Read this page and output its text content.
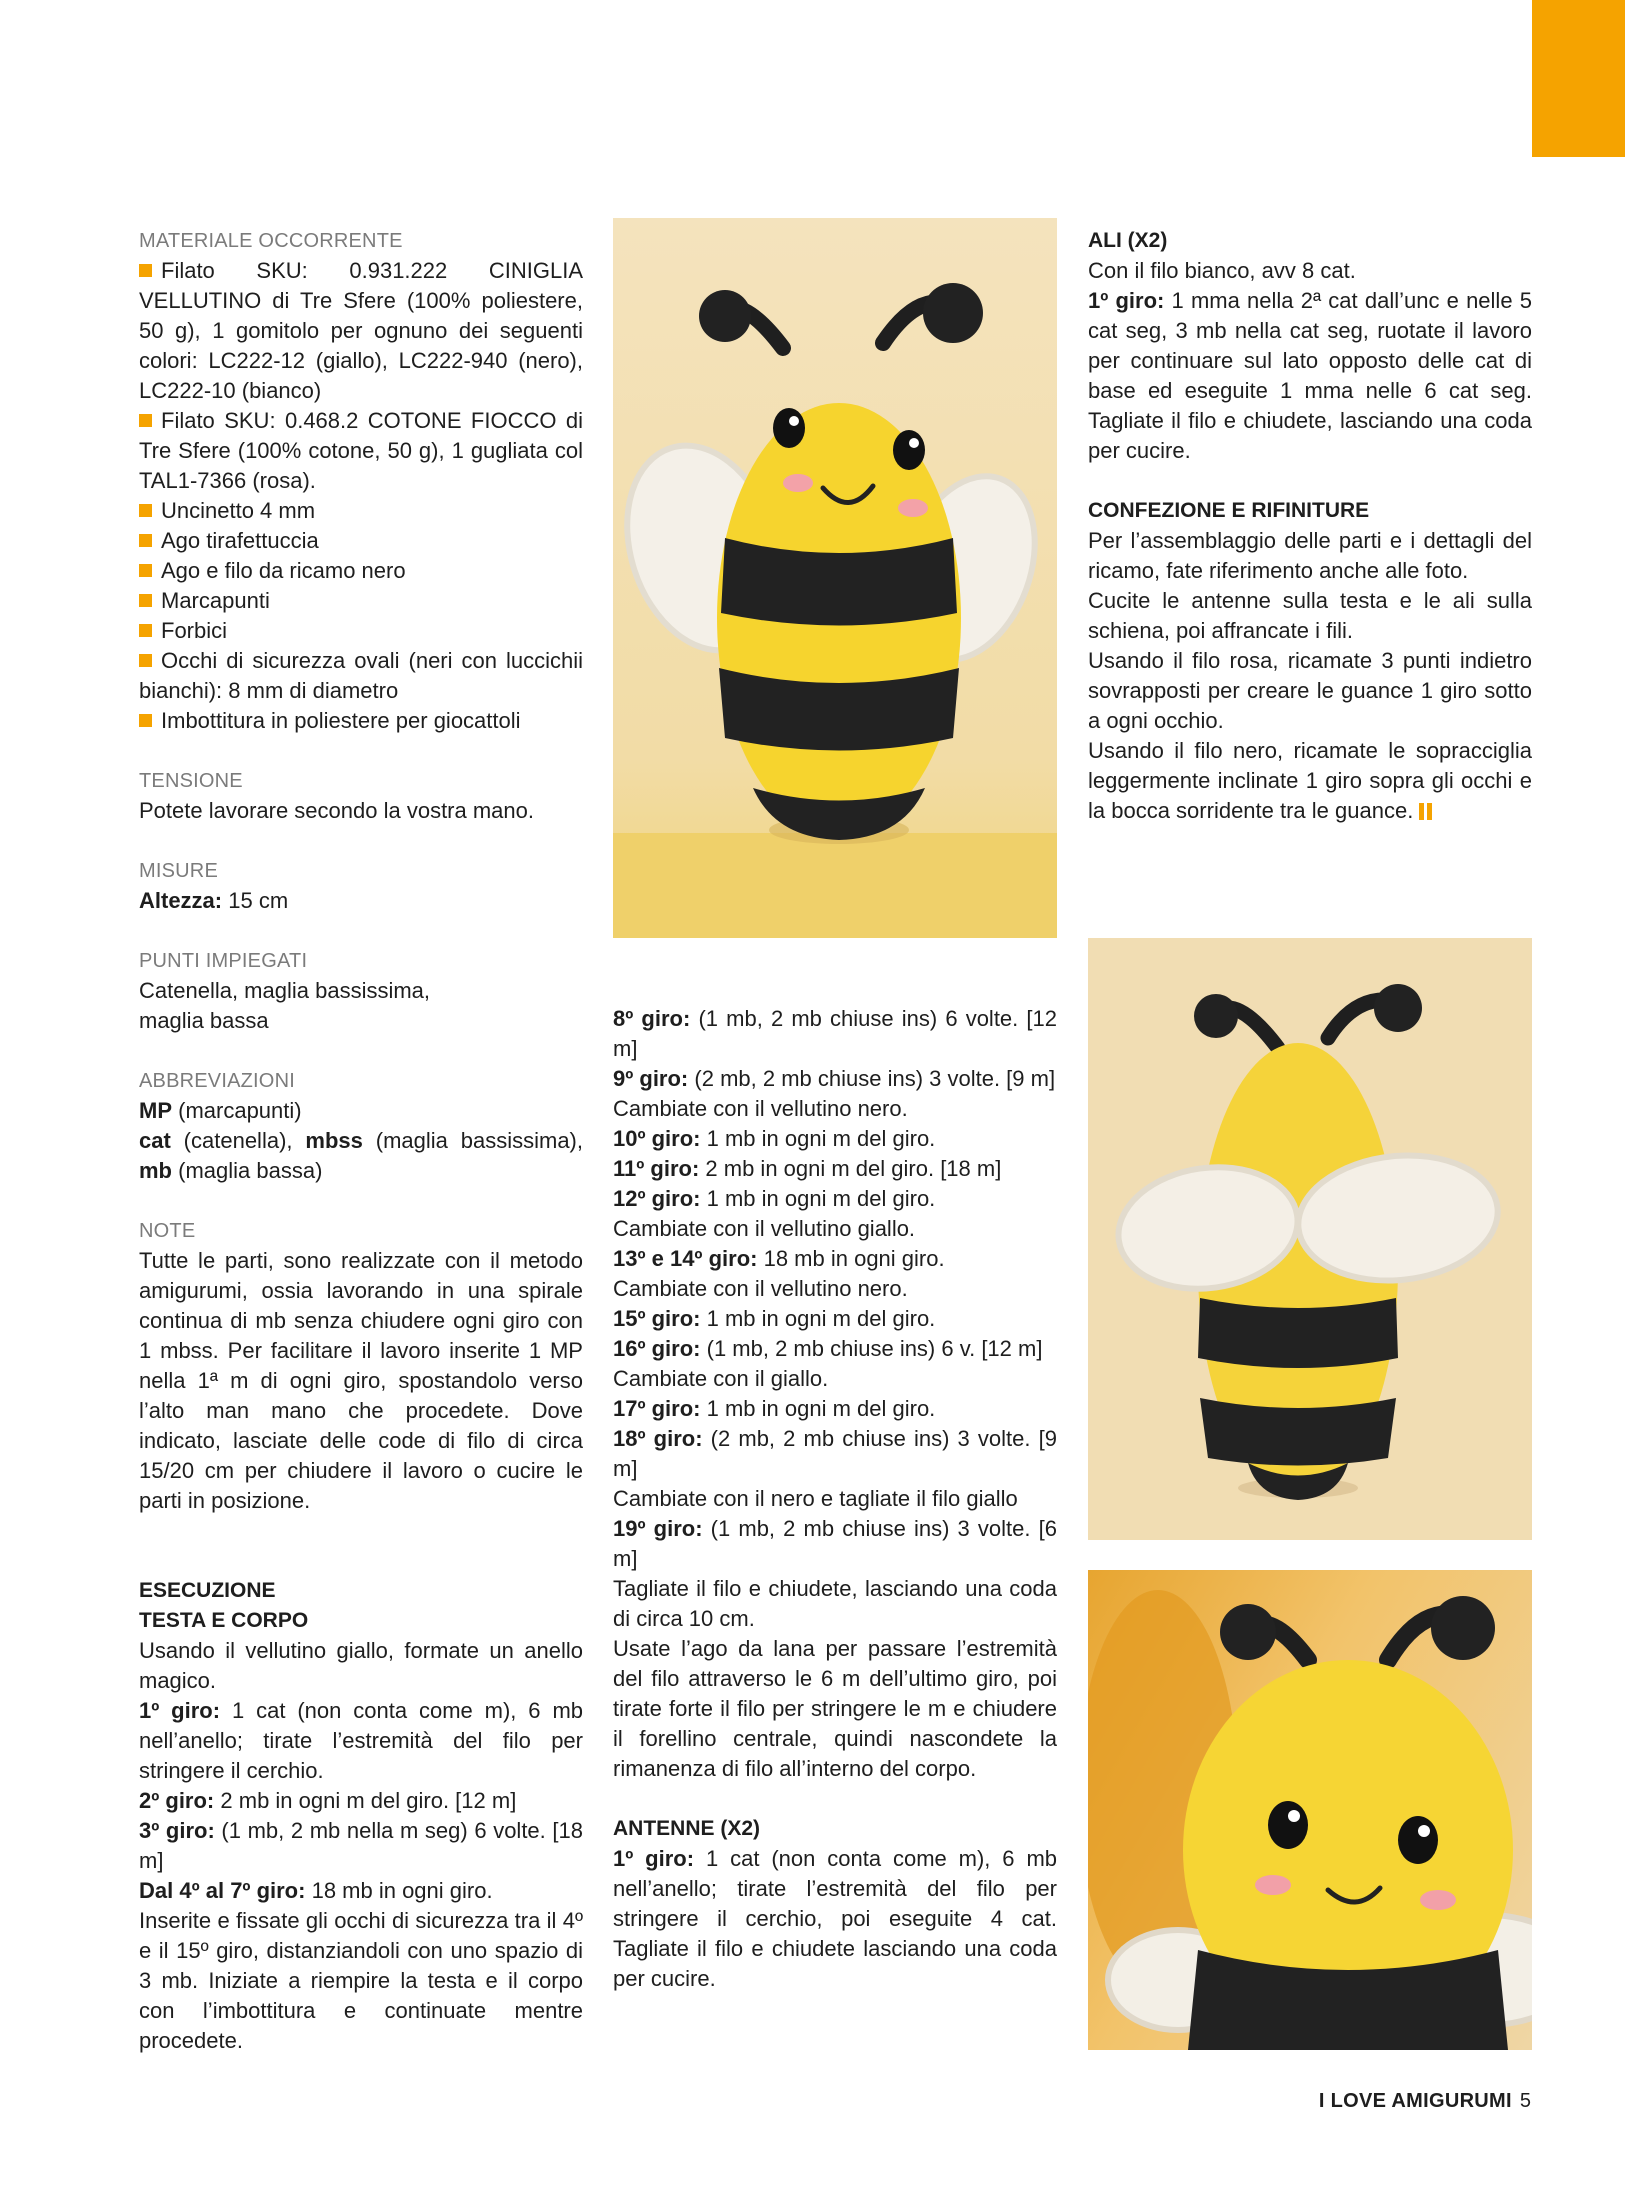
MATERIALE OCCORRENTE

Filato SKU: 0.931.222 CINIGLIA VELLUTINO di Tre Sfere (100% poliestere, 50 g), 1 gomitolo per ognuno dei seguenti colori: LC222-12 (giallo), LC222-940 (nero), LC222-10 (bianco)

Filato SKU: 0.468.2 COTONE FIOCCO di Tre Sfere (100% cotone, 50 g), 1 gugliata col TAL1-7366 (rosa).

Uncinetto 4 mm

Ago tirafettuccia

Ago e filo da ricamo nero

Marcapunti

Forbici

Occhi di sicurezza ovali (neri con luccichii bianchi): 8 mm di diametro

Imbottitura in poliestere per giocattoli

TENSIONE

Potete lavorare secondo la vostra mano.

MISURE

Altezza: 15 cm

PUNTI IMPIEGATI

Catenella, maglia bassissima, maglia bassa

ABBREVIAZIONI

MP (marcapunti)
cat (catenella), mbss (maglia bassissima), mb (maglia bassa)

NOTE

Tutte le parti, sono realizzate con il metodo amigurumi, ossia lavorando in una spirale continua di mb senza chiudere ogni giro con 1 mbss. Per facilitare il lavoro inserite 1 MP nella 1ª m di ogni giro, spostandolo verso l’alto man mano che procedete. Dove indicato, lasciate delle code di filo di circa 15/20 cm per chiudere il lavoro o cucire le parti in posizione.

ESECUZIONE
TESTA E CORPO

Usando il vellutino giallo, formate un anello magico.

1º giro: 1 cat (non conta come m), 6 mb nell’anello; tirate l’estremità del filo per stringere il cerchio.

2º giro: 2 mb in ogni m del giro. [12 m]

3º giro: (1 mb, 2 mb nella m seg) 6 volte. [18 m]

Dal 4º al 7º giro: 18 mb in ogni giro.

Inserite e fissate gli occhi di sicurezza tra il 4º e il 15º giro, distanziandoli con uno spazio di 3 mb. Iniziate a riempire la testa e il corpo con l’imbottitura e continuate mentre procedete.

8º giro: (1 mb, 2 mb chiuse ins) 6 volte. [12 m]

9º giro: (2 mb, 2 mb chiuse ins) 3 volte. [9 m]

Cambiate con il vellutino nero.

10º giro: 1 mb in ogni m del giro.

11º giro: 2 mb in ogni m del giro. [18 m]

12º giro: 1 mb in ogni m del giro.

Cambiate con il vellutino giallo.

13º e 14º giro: 18 mb in ogni giro.

Cambiate con il vellutino nero.

15º giro: 1 mb in ogni m del giro.

16º giro: (1 mb, 2 mb chiuse ins) 6 v. [12 m]

Cambiate con il giallo.

17º giro: 1 mb in ogni m del giro.

18º giro: (2 mb, 2 mb chiuse ins) 3 volte. [9 m]

Cambiate con il nero e tagliate il filo giallo

19º giro: (1 mb, 2 mb chiuse ins) 3 volte. [6 m]

Tagliate il filo e chiudete, lasciando una coda di circa 10 cm.

Usate l’ago da lana per passare l’estremità del filo attraverso le 6 m dell’ultimo giro, poi tirate forte il filo per stringere le m e chiudere il forellino centrale, quindi nascondete la rimanenza di filo all’interno del corpo.

ANTENNE (X2)

1º giro: 1 cat (non conta come m), 6 mb nell’anello; tirate l’estremità del filo per stringere il cerchio, poi eseguite 4 cat. Tagliate il filo e chiudete lasciando una coda per cucire.

ALI (X2)

Con il filo bianco, avv 8 cat.

1º giro: 1 mma nella 2ª cat dall’unc e nelle 5 cat seg, 3 mb nella cat seg, ruotate il lavoro per continuare sul lato opposto delle cat di base ed eseguite 1 mma nelle 6 cat seg. Tagliate il filo e chiudete, lasciando una coda per cucire.

CONFEZIONE E RIFINITURE

Per l’assemblaggio delle parti e i dettagli del ricamo, fate riferimento anche alle foto.

Cucite le antenne sulla testa e le ali sulla schiena, poi affrancate i fili.

Usando il filo rosa, ricamate 3 punti indietro sovrapposti per creare le guance 1 giro sotto a ogni occhio.

Usando il filo nero, ricamate le sopracciglia leggermente inclinate 1 giro sopra gli occhi e la bocca sorridente tra le guance.

I LOVE AMIGURUMI 5
